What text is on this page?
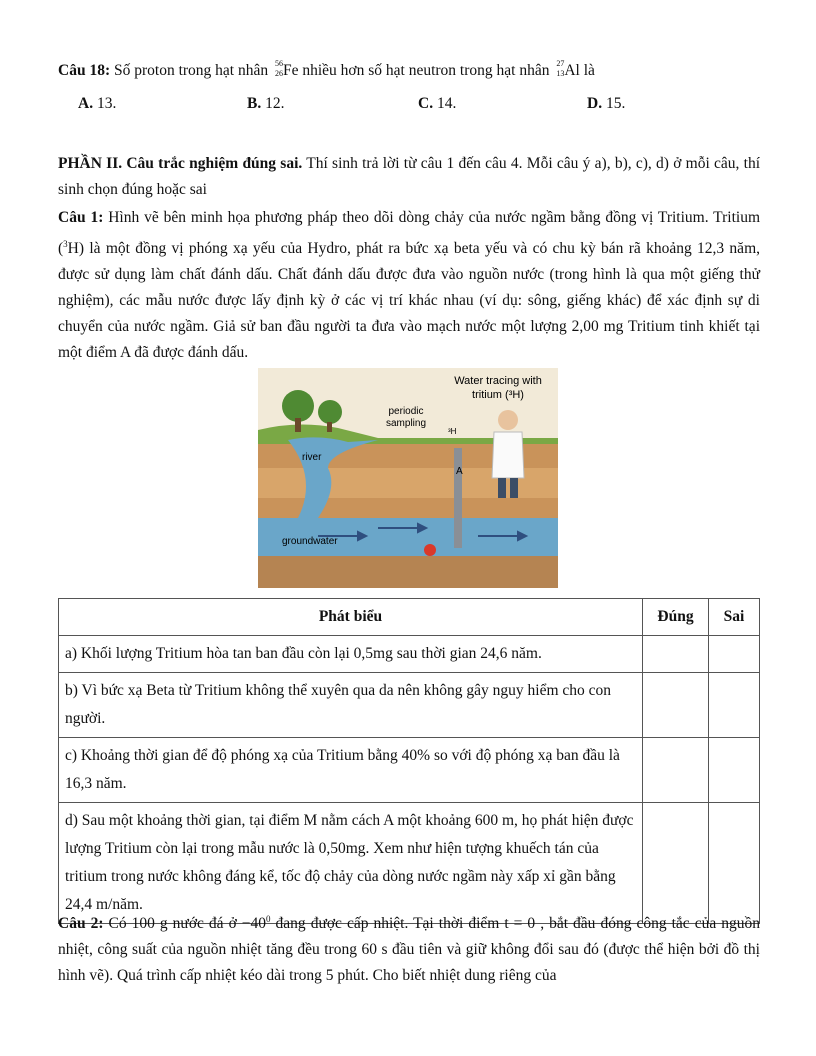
Câu 18: Số proton trong hạt nhân 56
26 Fe nhiều hơn số hạt neutron trong hạt nhân 27
13 Al là
A. 13.	B. 12.	C. 14.	D. 15.
PHẦN II. Câu trắc nghiệm đúng sai. Thí sinh trả lời từ câu 1 đến câu 4. Mỗi câu ý a), b), c), d) ở mỗi câu, thí sinh chọn đúng hoặc sai
Câu 1: Hình vẽ bên minh họa phương pháp theo dõi dòng chảy của nước ngầm bằng đồng vị Tritium. Tritium ($^3$H) là một đồng vị phóng xạ yếu của Hydro, phát ra bức xạ beta yếu và có chu kỳ bán rã khoảng 12,3 năm, được sử dụng làm chất đánh dấu. Chất đánh dấu được đưa vào nguồn nước (trong hình là qua một giếng thử nghiệm), các mẫu nước được lấy định kỳ ở các vị trí khác nhau (ví dụ: sông, giếng khác) để xác định sự di chuyển của nước ngầm. Giả sử ban đầu người ta đưa vào mạch nước một lượng 2,00 mg Tritium tinh khiết tại một điểm A đã được đánh dấu.
Water tracing with
tritium (³H)
periodic
sampling
river
groundwater
A
³H
Phát biểu	Đúng	Sai
a) Khối lượng Tritium hòa tan ban đầu còn lại 0,5mg sau thời gian 24,6 năm.		
b) Vì bức xạ Beta từ Tritium không thể xuyên qua da nên không gây nguy hiểm cho con người.		
c) Khoảng thời gian để độ phóng xạ của Tritium bằng 40% so với độ phóng xạ ban đầu là 16,3 năm.		
d) Sau một khoảng thời gian, tại điểm M nằm cách A một khoảng 600 m, họ phát hiện được lượng Tritium còn lại trong mẫu nước là 0,50mg. Xem như hiện tượng khuếch tán của tritium trong nước không đáng kể, tốc độ chảy của dòng nước ngầm này xấp xỉ gần bằng 24,4 m/năm.		
Câu 2: Có 100 g nước đá ở $-40^0$ đang được cấp nhiệt. Tại thời điểm t = 0 , bắt đầu đóng công tắc của nguồn nhiệt, công suất của nguồn nhiệt tăng đều trong 60 s đầu tiên và giữ không đổi sau đó (được thể hiện bởi đồ thị hình vẽ). Quá trình cấp nhiệt kéo dài trong 5 phút. Cho biết nhiệt dung riêng của
